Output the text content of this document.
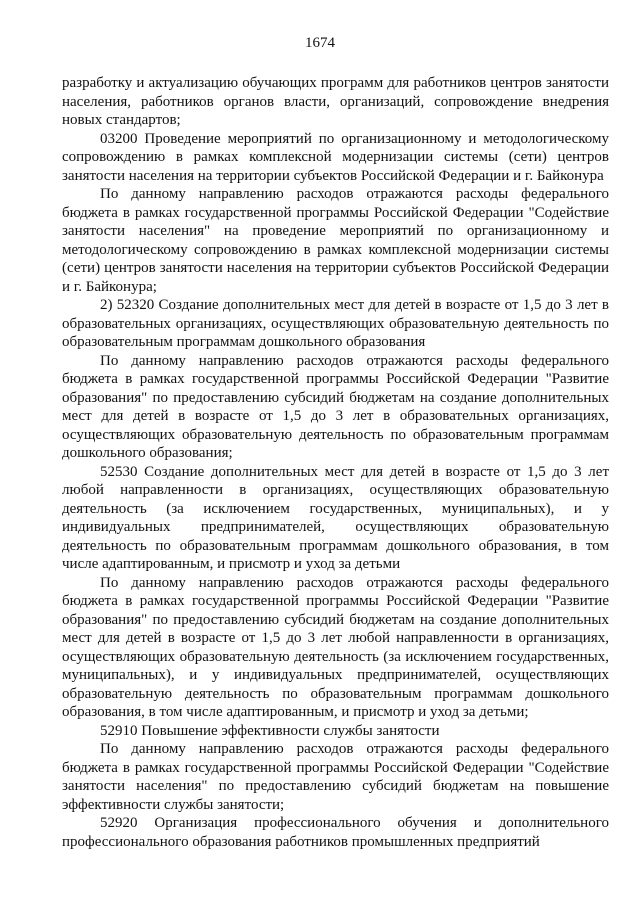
1674

разработку и актуализацию обучающих программ для работников центров занятости населения, работников органов власти, организаций, сопровождение внедрения новых стандартов;

03200 Проведение мероприятий по организационному и методологическому сопровождению в рамках комплексной модернизации системы (сети) центров занятости населения на территории субъектов Российской Федерации и г. Байконура

По данному направлению расходов отражаются расходы федерального бюджета в рамках государственной программы Российской Федерации "Содействие занятости населения" на проведение мероприятий по организационному и методологическому сопровождению в рамках комплексной модернизации системы (сети) центров занятости населения на территории субъектов Российской Федерации и г. Байконура;

2) 52320 Создание дополнительных мест для детей в возрасте от 1,5 до 3 лет в образовательных организациях, осуществляющих образовательную деятельность по образовательным программам дошкольного образования

По данному направлению расходов отражаются расходы федерального бюджета в рамках государственной программы Российской Федерации "Развитие образования" по предоставлению субсидий бюджетам на создание дополнительных мест для детей в возрасте от 1,5 до 3 лет в образовательных организациях, осуществляющих образовательную деятельность по образовательным программам дошкольного образования;

52530 Создание дополнительных мест для детей в возрасте от 1,5 до 3 лет любой направленности в организациях, осуществляющих образовательную деятельность (за исключением государственных, муниципальных), и у индивидуальных предпринимателей, осуществляющих образовательную деятельность по образовательным программам дошкольного образования, в том числе адаптированным, и присмотр и уход за детьми

По данному направлению расходов отражаются расходы федерального бюджета в рамках государственной программы Российской Федерации "Развитие образования" по предоставлению субсидий бюджетам на создание дополнительных мест для детей в возрасте от 1,5 до 3 лет любой направленности в организациях, осуществляющих образовательную деятельность (за исключением государственных, муниципальных), и у индивидуальных предпринимателей, осуществляющих образовательную деятельность по образовательным программам дошкольного образования, в том числе адаптированным, и присмотр и уход за детьми;

52910 Повышение эффективности службы занятости

По данному направлению расходов отражаются расходы федерального бюджета в рамках государственной программы Российской Федерации "Содействие занятости населения" по предоставлению субсидий бюджетам на повышение эффективности службы занятости;

52920 Организация профессионального обучения и дополнительного профессионального образования работников промышленных предприятий
